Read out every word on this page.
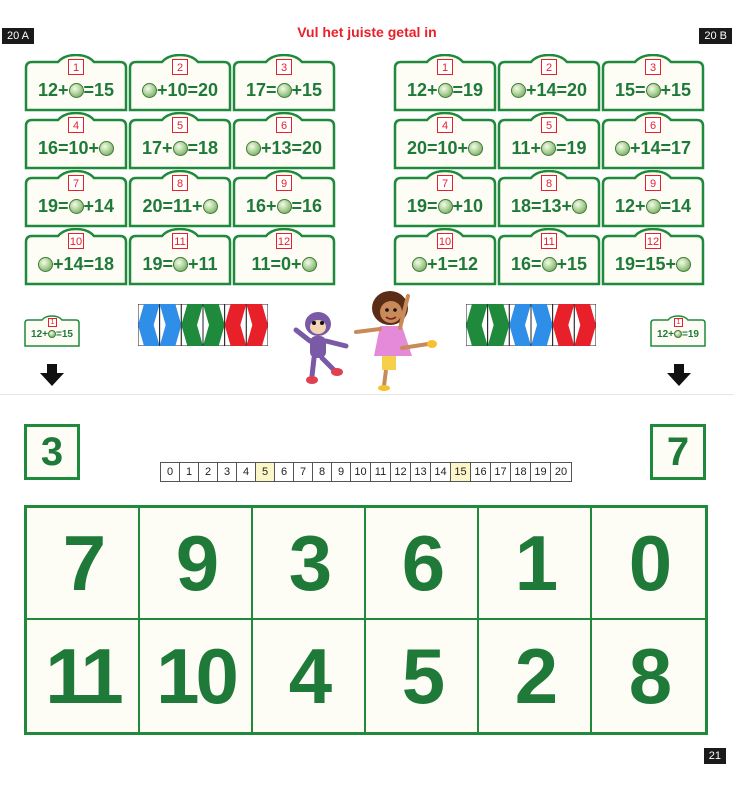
20 A	20 B
21
Vul het juiste getal in
1
12+ =15
2
+10=20
3
17= +15
4
16=10+
5
17+ =18
6
+13=20
7
19= +14
8
20=11+
9
16+ =16
10
+14=18
11
19= +11
12
11=0+
1
12+ =19
2
+14=20
3
15= +15
4
20=10+
5
11+ =19
6
+14=17
7
19= +10
8
18=13+
9
12+ =14
10
+1=12
11
16= +15
12
19=15+
1
12+ =15
1
12+ =19
3	7
0	1	2	3	4	5	6	7	8	9 10 11 12 13 14 15 16 17 18 19 20
7 9 3 6 1 0
11 10 4 5 2 8
